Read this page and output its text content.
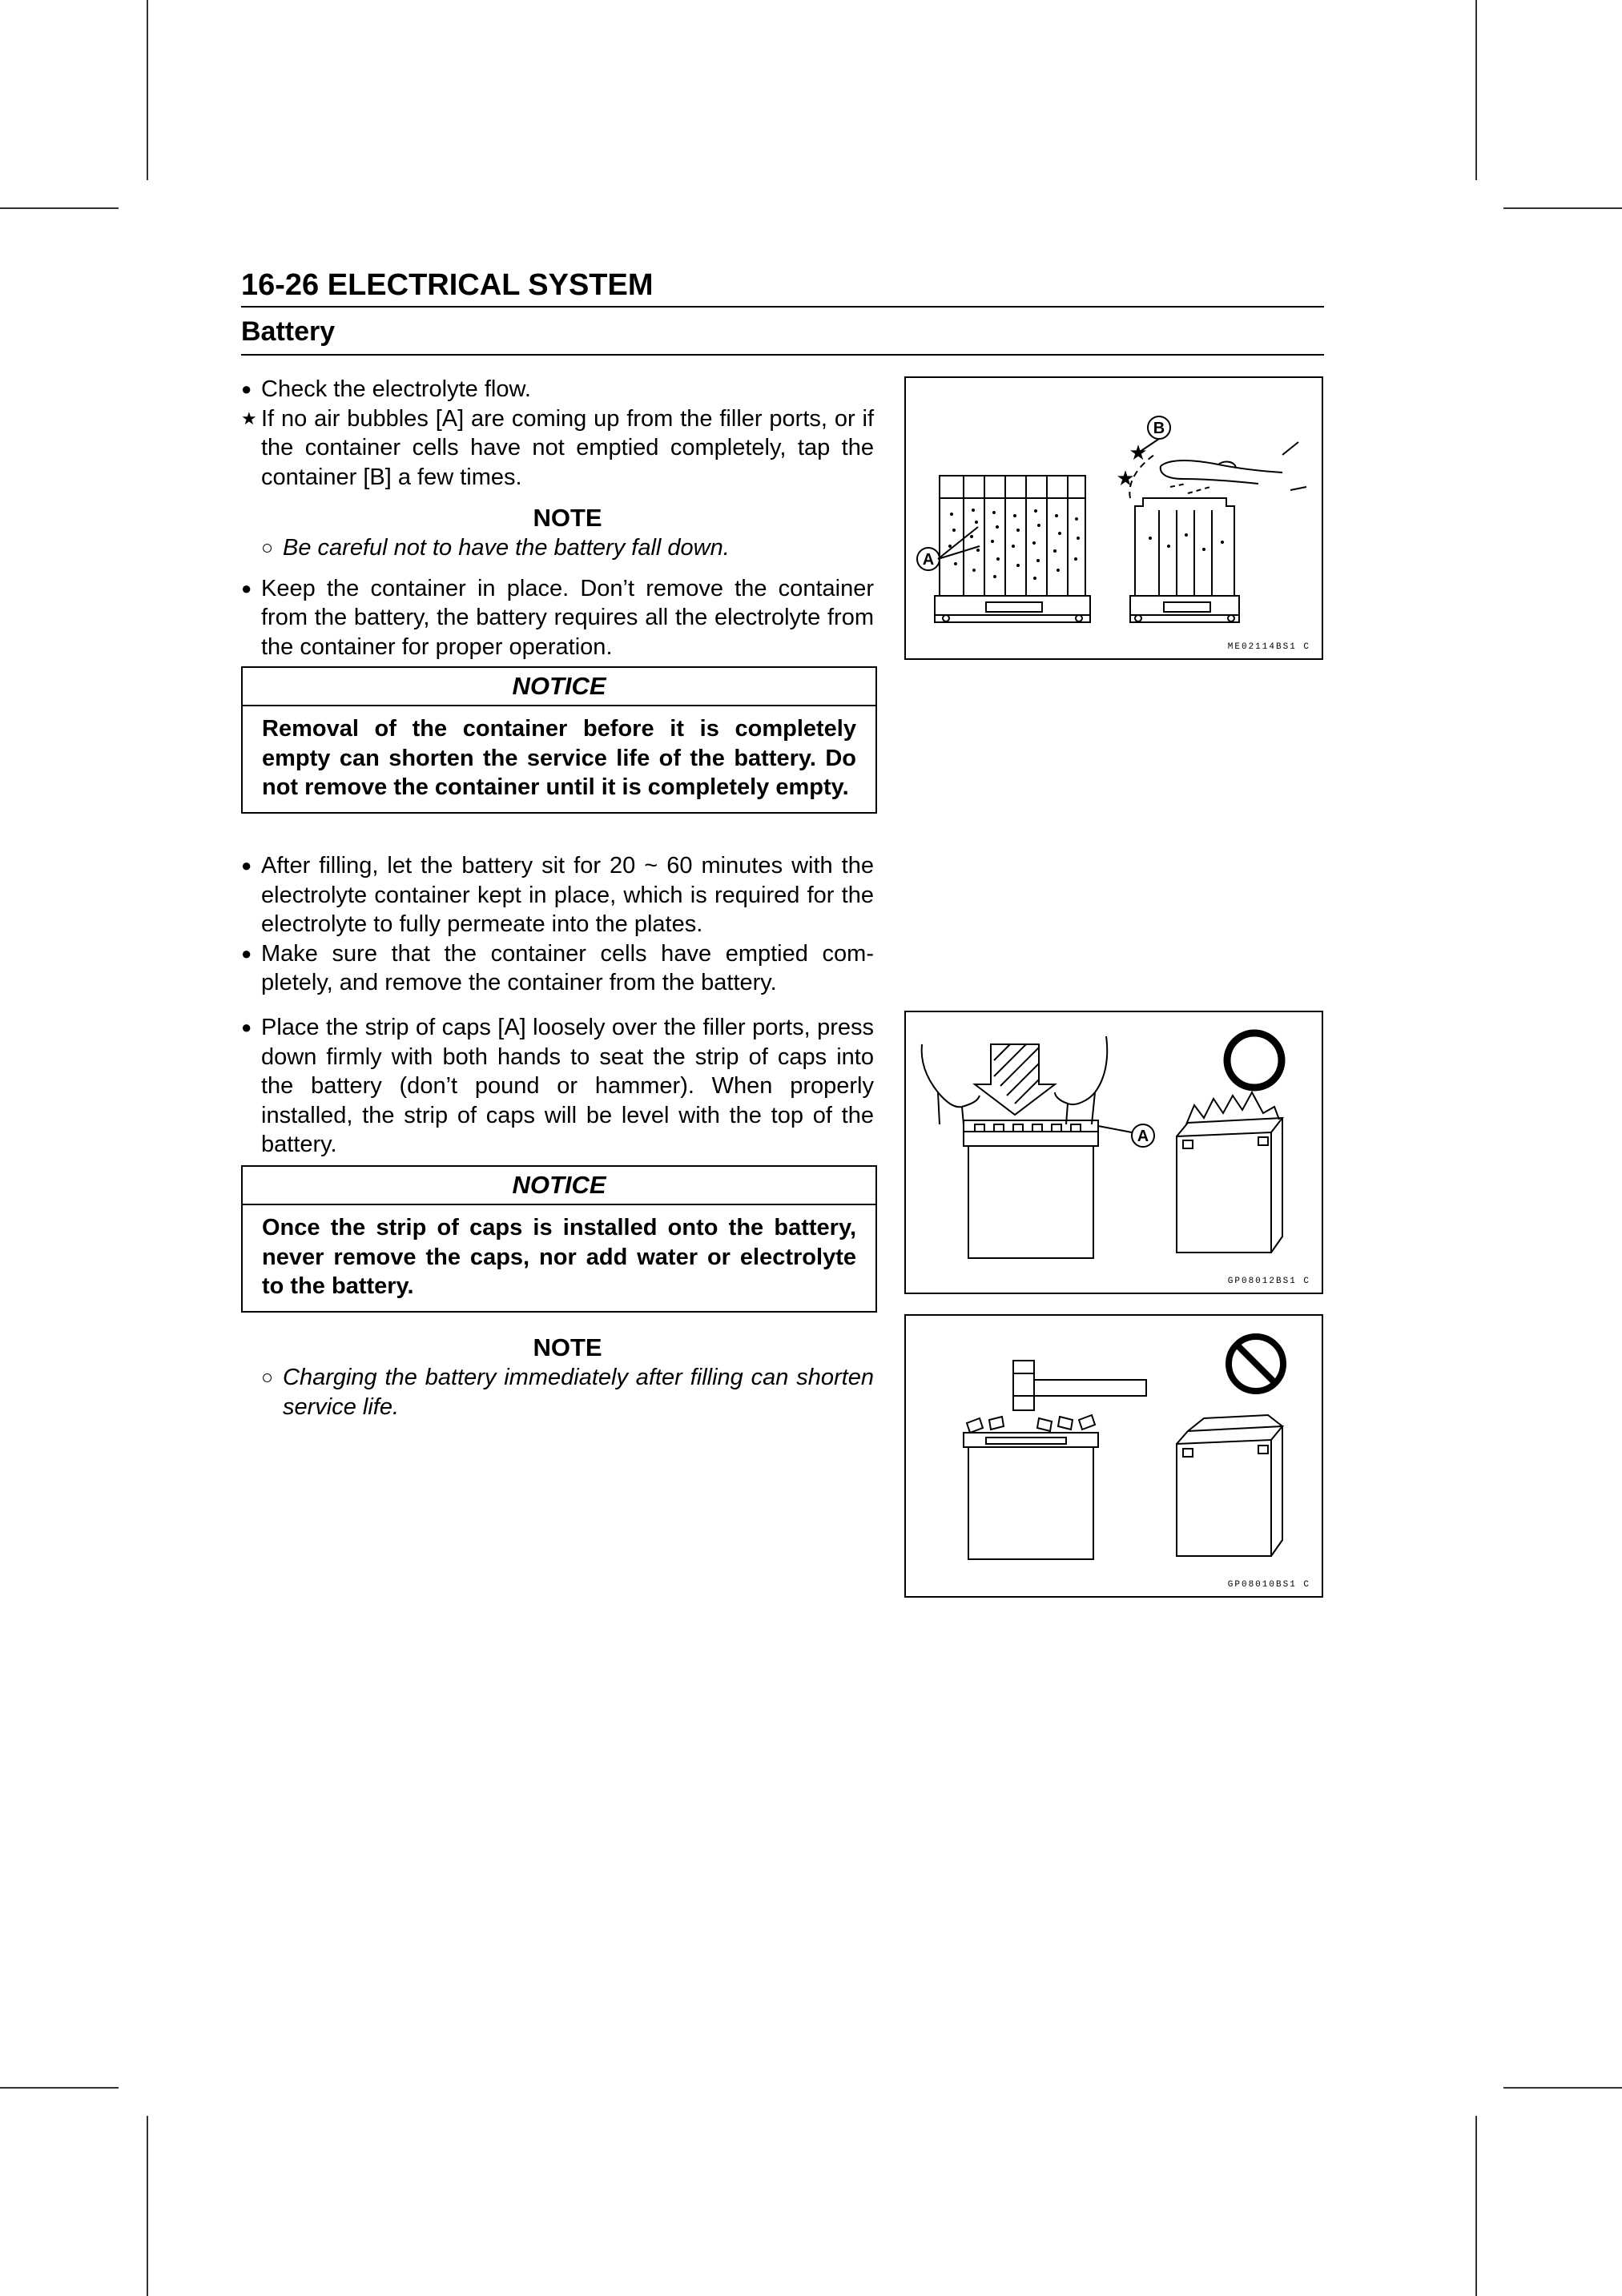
16-26 ELECTRICAL SYSTEM
Battery
● Check the electrolyte flow.
★ If no air bubbles [A] are coming up from the filler ports, or if the container cells have not emptied completely, tap the container [B] a few times.
NOTE
○ Be careful not to have the battery fall down.
● Keep the container in place. Don’t remove the container from the battery, the battery requires all the electrolyte from the container for proper operation.
NOTICE
Removal of the container before it is completely empty can shorten the service life of the battery. Do not remove the container until it is completely empty.
● After filling, let the battery sit for 20 ~ 60 minutes with the electrolyte container kept in place, which is required for the electrolyte to fully permeate into the plates.
● Make sure that the container cells have emptied completely, and remove the container from the battery.
● Place the strip of caps [A] loosely over the filler ports, press down firmly with both hands to seat the strip of caps into the battery (don’t pound or hammer). When properly installed, the strip of caps will be level with the top of the battery.
NOTICE
Once the strip of caps is installed onto the battery, never remove the caps, nor add water or electrolyte to the battery.
NOTE
○ Charging the battery immediately after filling can shorten service life.
A
B
★
★
ME02114BS1 C
A
GP08012BS1 C
GP08010BS1 C
